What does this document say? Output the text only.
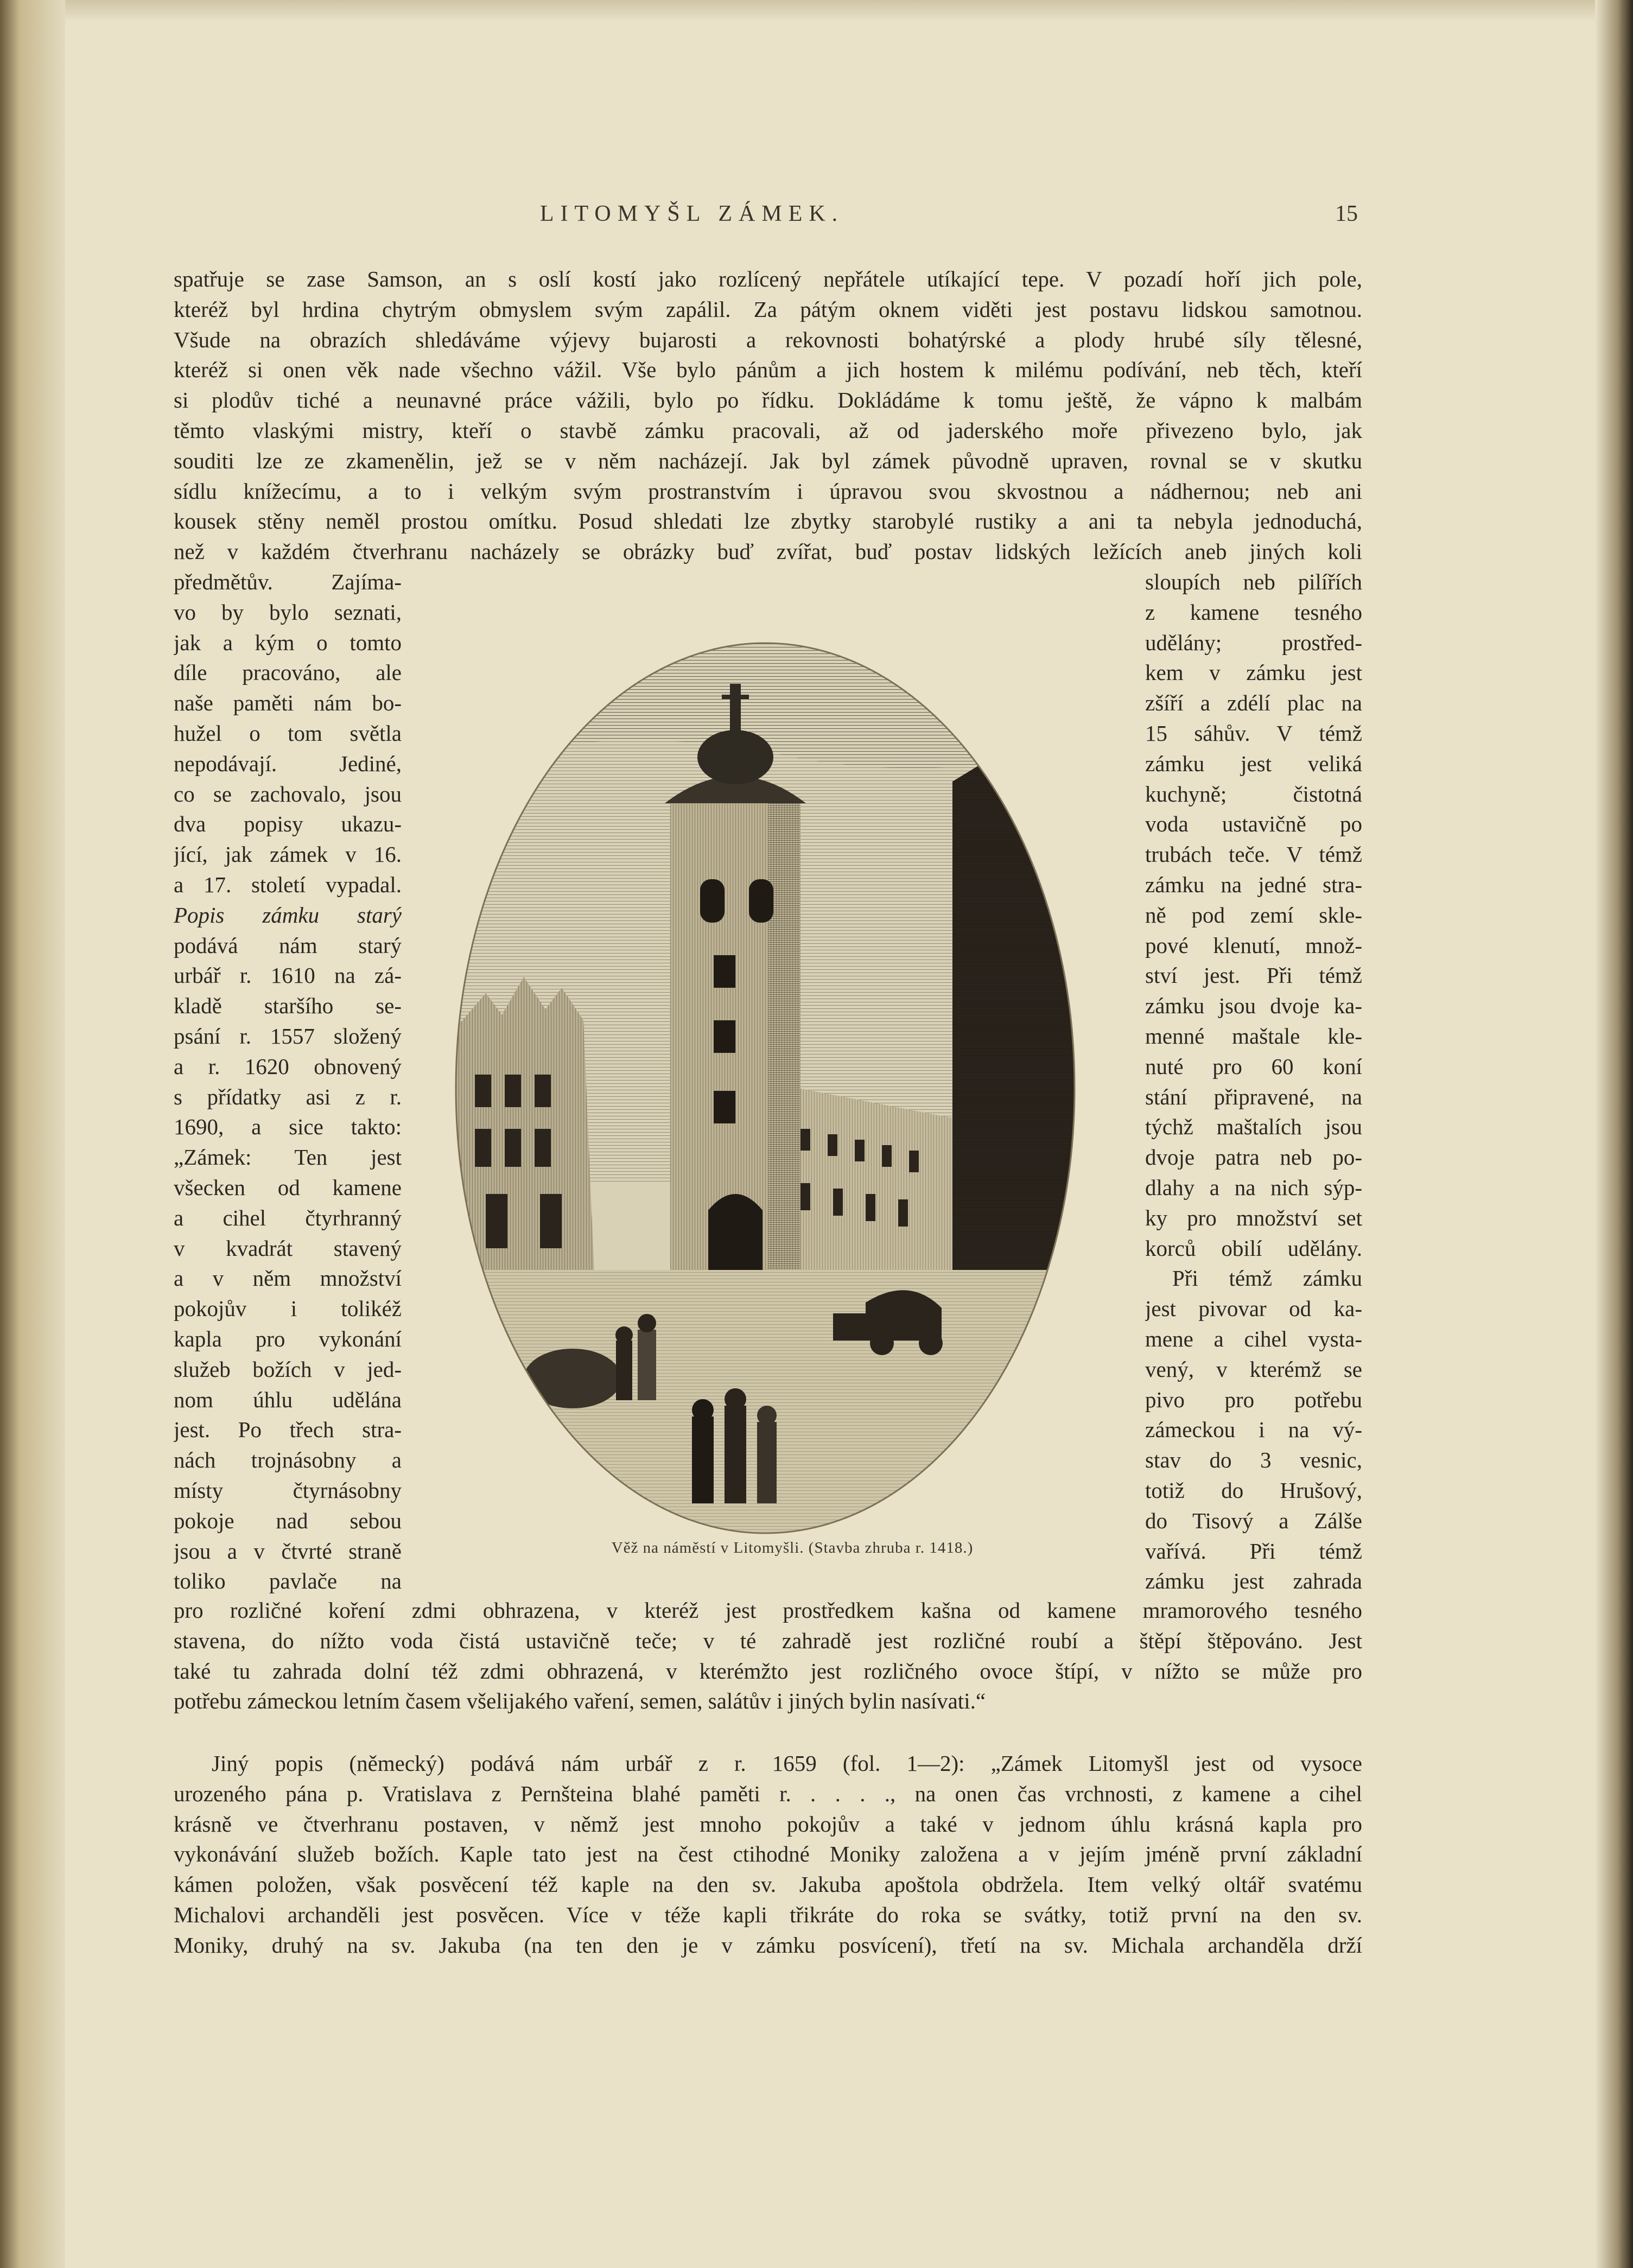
LITOMYŠL ZÁMEK.	15
spatřuje se zase Samson, an s oslí kostí jako rozlícený nepřátele utíkající tepe. V pozadí hoří jich pole,
kteréž byl hrdina chytrým obmyslem svým zapálil. Za pátým oknem viděti jest postavu lidskou samotnou.
Všude na obrazích shledáváme výjevy bujarosti a rekovnosti bohatýrské a plody hrubé síly tělesné,
kteréž si onen věk nade všechno vážil. Vše bylo pánům a jich hostem k milému podívání, neb těch, kteří
si plodův tiché a neunavné práce vážili, bylo po řídku. Dokládáme k tomu ještě, že vápno k malbám
těmto vlaskými mistry, kteří o stavbě zámku pracovali, až od jaderského moře přivezeno bylo, jak
souditi lze ze zkamenělin, jež se v něm nacházejí. Jak byl zámek původně upraven, rovnal se v skutku
sídlu knížecímu, a to i velkým svým prostranstvím i úpravou svou skvostnou a nádhernou; neb ani
kousek stěny neměl prostou omítku. Posud shledati lze zbytky starobylé rustiky a ani ta nebyla jednoduchá,
než v každém čtverhranu nacházely se obrázky buď zvířat, buď postav lidských ležících aneb jiných koli
předmětův. Zajíma-
vo by bylo seznati,
jak a kým o tomto
díle pracováno, ale
naše paměti nám bo-
hužel o tom světla
nepodávají. Jediné,
co se zachovalo, jsou
dva popisy ukazu-
jící, jak zámek v 16.
a 17. století vypadal.
Popis zámku starý
podává nám starý
urbář r. 1610 na zá-
kladě staršího se-
psání r. 1557 složený
a r. 1620 obnovený
s přídatky asi z r.
1690, a sice takto:
„Zámek: Ten jest
všecken od kamene
a cihel čtyrhranný
v kvadrát stavený
a v něm množství
pokojův i tolikéž
kapla pro vykonání
služeb božích v jed-
nom úhlu udělána
jest. Po třech stra-
nách trojnásobny a
místy čtyrnásobny
pokoje nad sebou
jsou a v čtvrté straně
toliko pavlače na
sloupích neb pilířích
z kamene tesného
udělány; prostřed-
kem v zámku jest
zšíří a zdélí plac na
15 sáhův. V témž
zámku jest veliká
kuchyně; čistotná
voda ustavičně po
trubách teče. V témž
zámku na jedné stra-
ně pod zemí skle-
pové klenutí, množ-
ství jest. Při témž
zámku jsou dvoje ka-
menné maštale kle-
nuté pro 60 koní
stání připravené, na
týchž maštalích jsou
dvoje patra neb po-
dlahy a na nich sýp-
ky pro množství set
korců obilí udělány.
Při témž zámku
jest pivovar od ka-
mene a cihel vysta-
vený, v kterémž se
pivo pro potřebu
zámeckou i na vý-
stav do 3 vesnic,
totiž do Hrušový,
do Tisový a Zálše
vařívá. Při témž
zámku jest zahrada
Věž na náměstí v Litomyšli. (Stavba zhruba r. 1418.)
pro rozličné koření zdmi obhrazena, v kteréž jest prostředkem kašna od kamene mramorového tesného
stavena, do nížto voda čistá ustavičně teče; v té zahradě jest rozličné roubí a štěpí štěpováno. Jest
také tu zahrada dolní též zdmi obhrazená, v kterémžto jest rozličného ovoce štípí, v nížto se může pro
potřebu zámeckou letním časem všelijakého vaření, semen, salátův i jiných bylin nasívati.“
Jiný popis (německý) podává nám urbář z r. 1659 (fol. 1—2): „Zámek Litomyšl jest od vysoce
urozeného pána p. Vratislava z Pernšteina blahé paměti r. . . . ., na onen čas vrchnosti, z kamene a cihel
krásně ve čtverhranu postaven, v němž jest mnoho pokojův a také v jednom úhlu krásná kapla pro
vykonávání služeb božích. Kaple tato jest na čest ctihodné Moniky založena a v jejím jméně první základní
kámen položen, však posvěcení též kaple na den sv. Jakuba apoštola obdržela. Item velký oltář svatému
Michalovi archanděli jest posvěcen. Více v téže kapli třikráte do roka se svátky, totiž první na den sv.
Moniky, druhý na sv. Jakuba (na ten den je v zámku posvícení), třetí na sv. Michala archanděla drží
